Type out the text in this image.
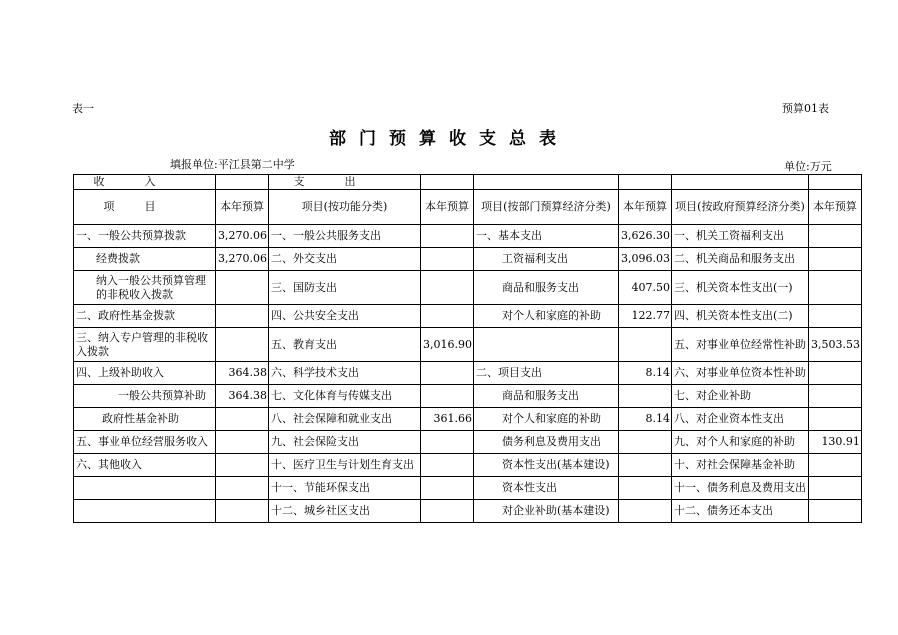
表一	预算01表
部门预算收支总表
填报单位:平江县第二中学	单位:万元
收入		支出					
项目	本年预算	项目(按功能分类)	本年预算	项目(按部门预算经济分类)	本年预算	项目(按政府预算经济分类)	本年预算
一、一般公共预算拨款	3,270.06	一、一般公共服务支出		一、基本支出	3,626.30	一、机关工资福利支出	
经费拨款	3,270.06	二、外交支出		工资福利支出	3,096.03	二、机关商品和服务支出	
纳入一般公共预算管理的非税收入拨款		三、国防支出		商品和服务支出	407.50	三、机关资本性支出(一)	
二、政府性基金拨款		四、公共安全支出		对个人和家庭的补助	122.77	四、机关资本性支出(二)	
三、纳入专户管理的非税收入拨款		五、教育支出	3,016.90			五、对事业单位经常性补助	3,503.53
四、上级补助收入	364.38	六、科学技术支出		二、项目支出	8.14	六、对事业单位资本性补助	
一般公共预算补助	364.38	七、文化体育与传媒支出		商品和服务支出		七、对企业补助	
政府性基金补助		八、社会保障和就业支出	361.66	对个人和家庭的补助	8.14	八、对企业资本性支出	
五、事业单位经营服务收入		九、社会保险支出		债务利息及费用支出		九、对个人和家庭的补助	130.91
六、其他收入		十、医疗卫生与计划生育支出		资本性支出(基本建设)		十、对社会保障基金补助	
		十一、节能环保支出		资本性支出		十一、债务利息及费用支出	
		十二、城乡社区支出		对企业补助(基本建设)		十二、债务还本支出	
